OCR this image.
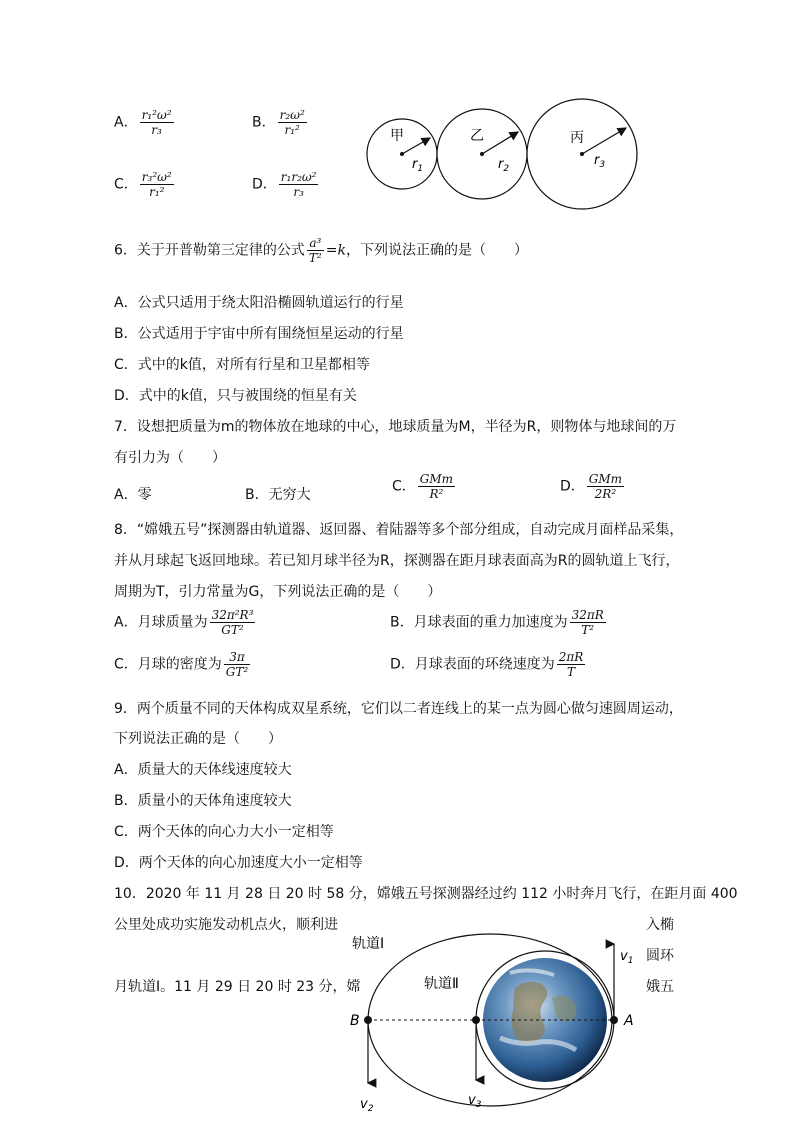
A． $\frac{\text{r₁²ω²}}{\text{r₃}}$	B． $\frac{\text{r₂ω²}}{\text{r₁²}}$
C． $\frac{\text{r₃²ω²}}{\text{r₁²}}$	D． $\frac{\text{r₁r₂ω²}}{\text{r₃}}$
甲	乙	丙
$r_1$	$r_2$
$r_3$
6．关于开普勒第三定律的公式 $\frac{\text{a³}}{\text{T²}} =k$，下列说法正确的是（　　）
A．公式只适用于绕太阳沿椭圆轨道运行的行星
B．公式适用于宇宙中所有围绕恒星运动的行星
C．式中的k值，对所有行星和卫星都相等
D．式中的k值，只与被围绕的恒星有关
7．设想把质量为m的物体放在地球的中心，地球质量为M，半径为R，则物体与地球间的万
有引力为（　　）
A．零	B．无穷大
C． $\frac{\text{GMm}}{\text{R²}}$	D． $\frac{\text{GMm}}{\text{2R²}}$
8．“嫦娥五号”探测器由轨道器、返回器、着陆器等多个部分组成，自动完成月面样品采集，
并从月球起飞返回地球。若已知月球半径为R，探测器在距月球表面高为R的圆轨道上飞行，
周期为T，引力常量为G，下列说法正确的是（　　）
A．月球质量为 $\frac{\text{32π²R³}}{\text{GT²}}$	B．月球表面的重力加速度为 $\frac{32\pi R}{\text{T²}}$
C．月球的密度为 $\frac{3\pi}{\text{GT²}}$	D．月球表面的环绕速度为 $\frac{2\pi R}{T}$
9．两个质量不同的天体构成双星系统，它们以二者连线上的某一点为圆心做匀速圆周运动，
下列说法正确的是（　　）
A．质量大的天体线速度较大
B．质量小的天体角速度较大
C．两个天体的向心力大小一定相等
D．两个天体的向心加速度大小一定相等
10．2020 年 11 月 28 日 20 时 58 分，嫦娥五号探测器经过约 112 小时奔月飞行，在距月面 400
公里处成功实施发动机点火，顺利进	入椭
圆环
月轨道Ⅰ。11 月 29 日 20 时 23 分，嫦	娥五
轨道Ⅰ
轨道Ⅱ
A
B
$v_1$
$v_2$
$v_3$
